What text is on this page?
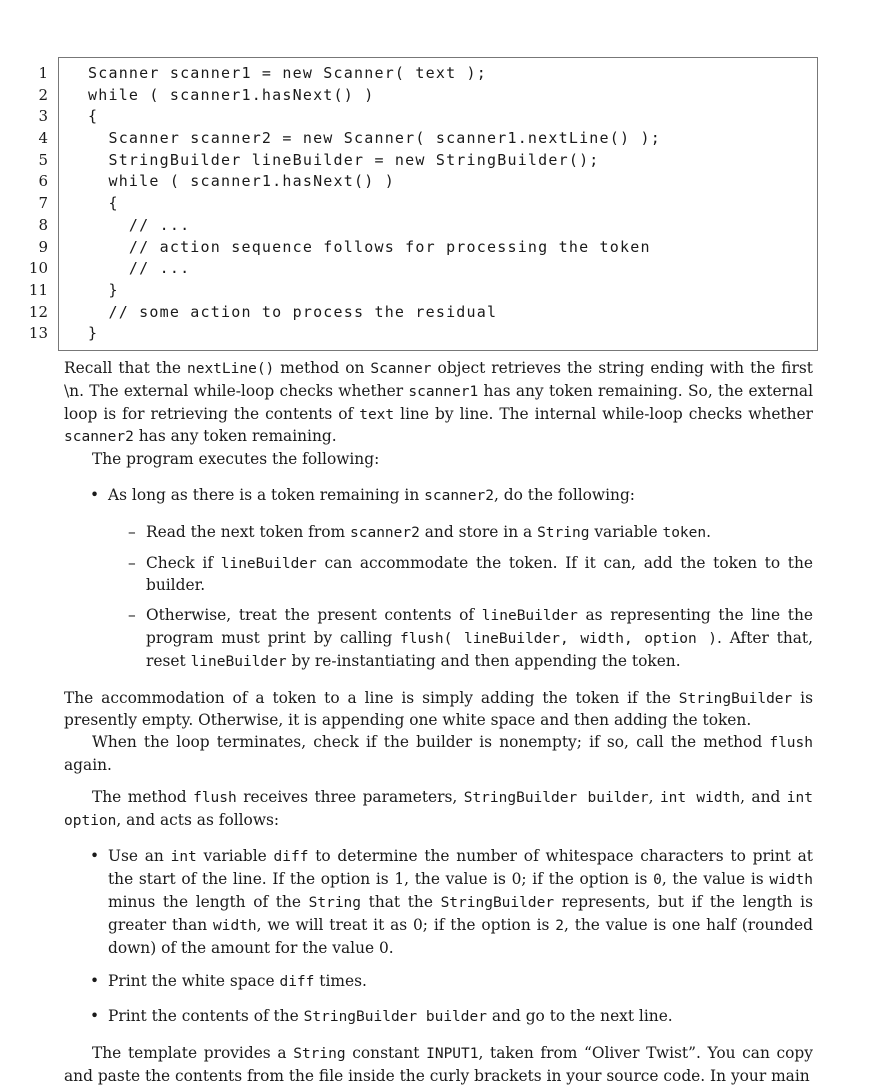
1
2
3
4
5
6
7
8
9
10
11
12
13
Scanner scanner1 = new Scanner( text );
while ( scanner1.hasNext() )
{
Scanner scanner2 = new Scanner( scanner1.nextLine() );
StringBuilder lineBuilder = new StringBuilder();
while ( scanner1.hasNext() )
{
// ...
// action sequence follows for processing the token
// ...
}
// some action to process the residual
}

Recall that the nextLine() method on Scanner object retrieves the string ending with the first \n. The external while-loop checks whether scanner1 has any token remaining. So, the external loop is for retrieving the contents of text line by line. The internal while-loop checks whether scanner2 has any token remaining.

The program executes the following:

• As long as there is a token remaining in scanner2, do the following:
– Read the next token from scanner2 and store in a String variable token.
– Check if lineBuilder can accommodate the token. If it can, add the token to the builder.
– Otherwise, treat the present contents of lineBuilder as representing the line the program must print by calling flush( lineBuilder, width, option ). After that, reset lineBuilder by re-instantiating and then appending the token.

The accommodation of a token to a line is simply adding the token if the StringBuilder is presently empty. Otherwise, it is appending one white space and then adding the token.

When the loop terminates, check if the builder is nonempty; if so, call the method flush again.

The method flush receives three parameters, StringBuilder builder, int width, and int option, and acts as follows:

• Use an int variable diff to determine the number of whitespace characters to print at the start of the line. If the option is 1, the value is 0; if the option is 0, the value is width minus the length of the String that the StringBuilder represents, but if the length is greater than width, we will treat it as 0; if the option is 2, the value is one half (rounded down) of the amount for the value 0.
• Print the white space diff times.
• Print the contents of the StringBuilder builder and go to the next line.

The template provides a String constant INPUT1, taken from “Oliver Twist”. You can copy and paste the contents from the file inside the curly brackets in your source code. In your main
